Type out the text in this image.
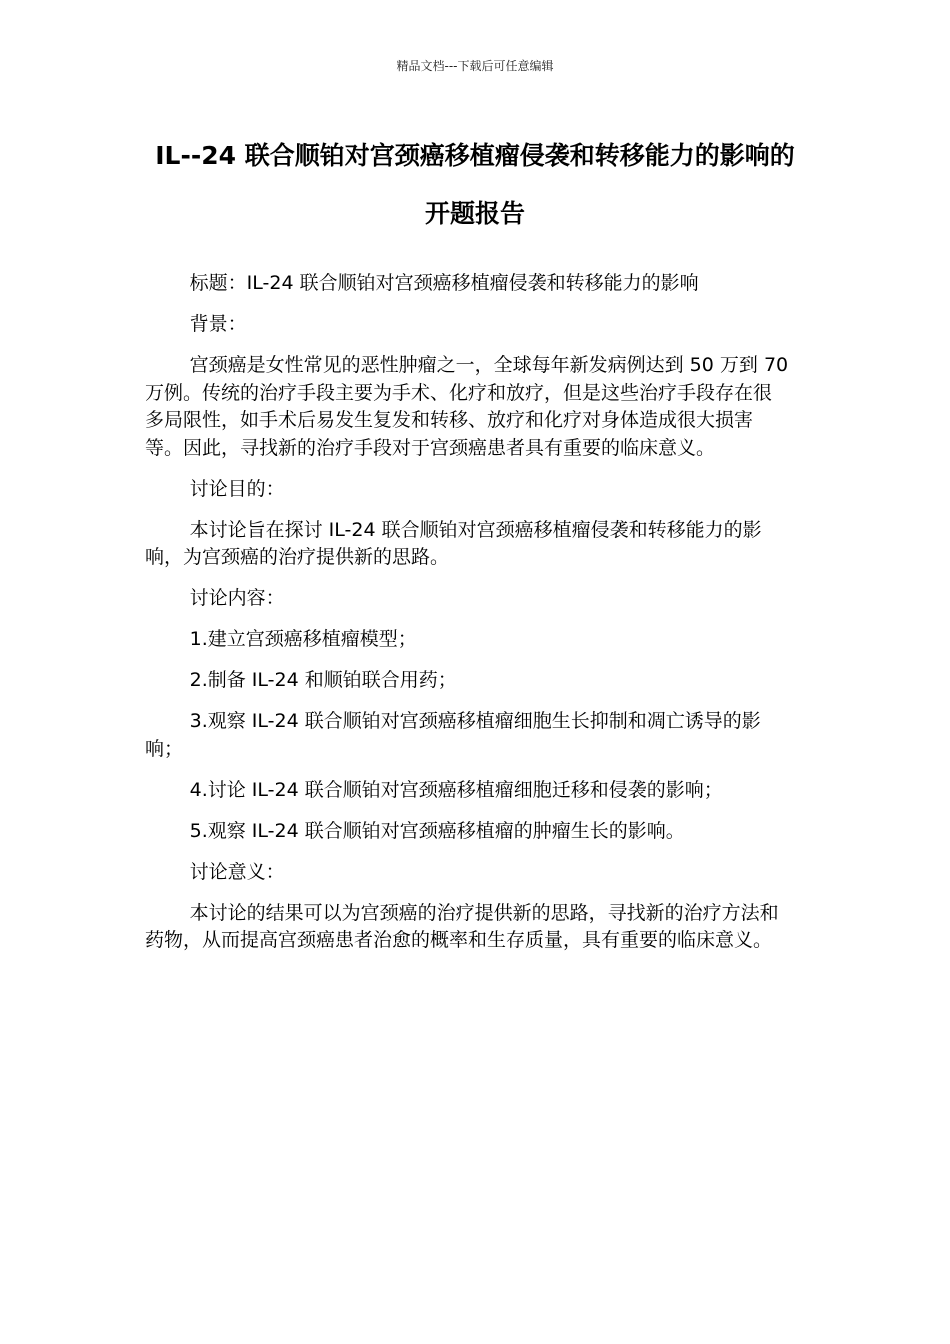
精品文档---下载后可任意编辑
IL--24 联合顺铂对宫颈癌移植瘤侵袭和转移能力的影响的开题报告

标题：IL-24 联合顺铂对宫颈癌移植瘤侵袭和转移能力的影响

背景：

宫颈癌是女性常见的恶性肿瘤之一，全球每年新发病例达到 50 万到 70 万例。传统的治疗手段主要为手术、化疗和放疗，但是这些治疗手段存在很多局限性，如手术后易发生复发和转移、放疗和化疗对身体造成很大损害等。因此，寻找新的治疗手段对于宫颈癌患者具有重要的临床意义。

讨论目的：

本讨论旨在探讨 IL-24 联合顺铂对宫颈癌移植瘤侵袭和转移能力的影响，为宫颈癌的治疗提供新的思路。

讨论内容：

1.建立宫颈癌移植瘤模型；

2.制备 IL-24 和顺铂联合用药；

3.观察 IL-24 联合顺铂对宫颈癌移植瘤细胞生长抑制和凋亡诱导的影响；

4.讨论 IL-24 联合顺铂对宫颈癌移植瘤细胞迁移和侵袭的影响；

5.观察 IL-24 联合顺铂对宫颈癌移植瘤的肿瘤生长的影响。

讨论意义：

本讨论的结果可以为宫颈癌的治疗提供新的思路，寻找新的治疗方法和药物，从而提高宫颈癌患者治愈的概率和生存质量，具有重要的临床意义。
